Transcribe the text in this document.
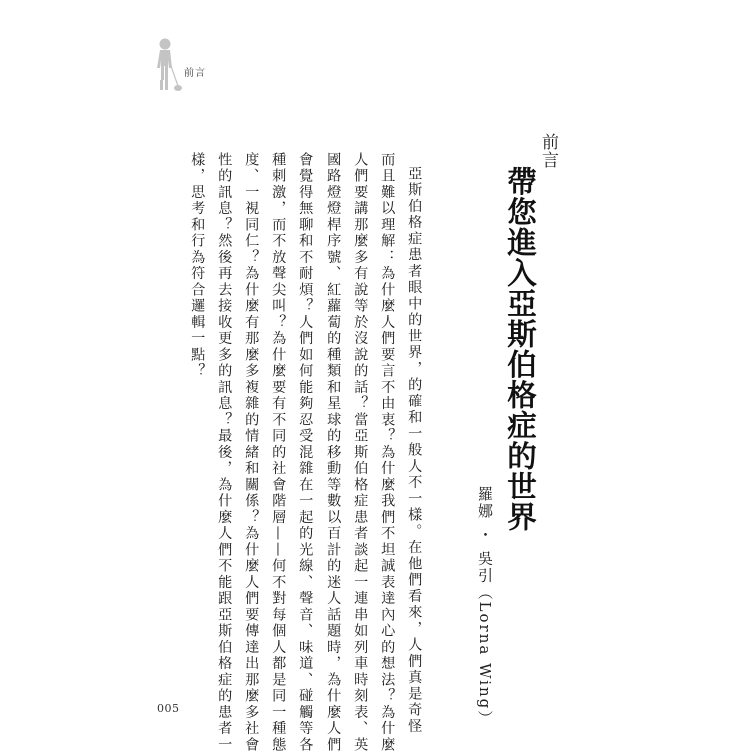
前言
前言
帶您進入亞斯伯格症的世界
羅娜 ・ 吳引（Lorna Wing）
亞斯伯格症患者眼中的世界，的確和一般人不一樣。在他們看來，人們真是奇怪
而且難以理解：為什麼人們要言不由衷？為什麼我們不坦誠表達內心的想法？為什麼
人們要講那麼多有說等於沒說的話？當亞斯伯格症患者談起一連串如列車時刻表、英
國路燈燈桿序號、紅蘿蔔的種類和星球的移動等數以百計的迷人話題時，為什麼人們
會覺得無聊和不耐煩？人們如何能夠忍受混雜在一起的光線、聲音、味道、碰觸等各
種刺激，而不放聲尖叫？為什麼要有不同的社會階層——何不對每個人都是同一種態
度、一視同仁？為什麼有那麼多複雜的情緒和關係？為什麼人們要傳達出那麼多社會
性的訊息？然後再去接收更多的訊息？最後，為什麼人們不能跟亞斯伯格症的患者一
樣，思考和行為符合邏輯一點？
005
